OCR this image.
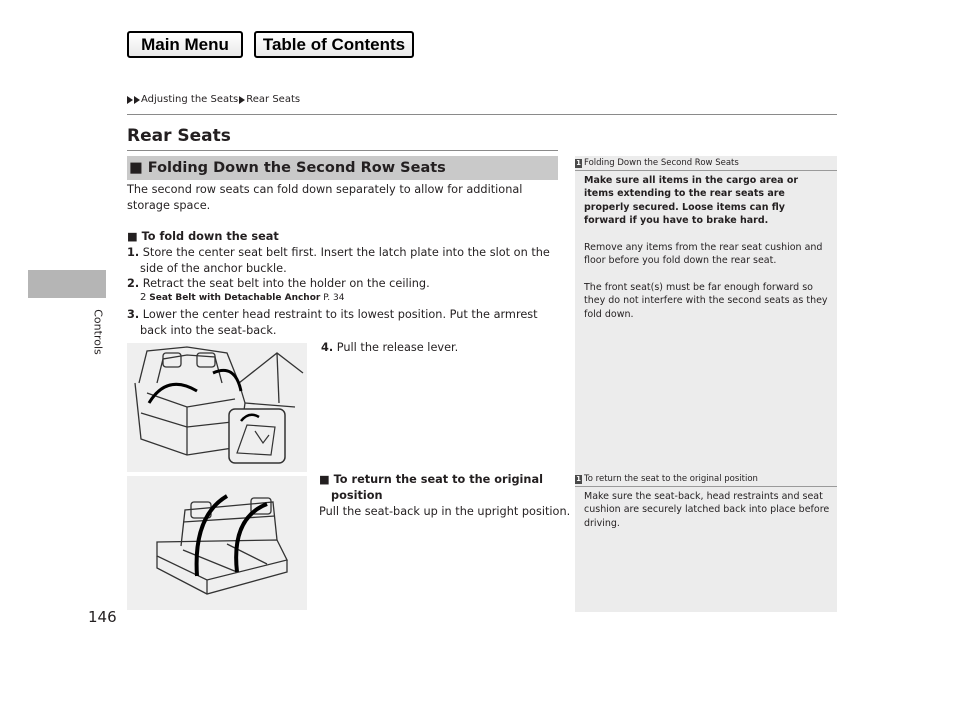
Main Menu	Table of Contents
Adjusting the Seats Rear Seats
Controls
146
Rear Seats
■ Folding Down the Second Row Seats
The second row seats can fold down separately to allow for additional storage space.
■ To fold down the seat
1. Store the center seat belt first. Insert the latch plate into the slot on the side of the anchor buckle.
2. Retract the seat belt into the holder on the ceiling.
2 Seat Belt with Detachable Anchor P. 34
3. Lower the center head restraint to its lowest position. Put the armrest back into the seat-back.
4. Pull the release lever.
■ To return the seat to the original position
Pull the seat-back up in the upright position.
1 Folding Down the Second Row Seats
Make sure all items in the cargo area or items extending to the rear seats are properly secured. Loose items can fly forward if you have to brake hard.
Remove any items from the rear seat cushion and floor before you fold down the rear seat.
The front seat(s) must be far enough forward so they do not interfere with the second seats as they fold down.
1 To return the seat to the original position
Make sure the seat-back, head restraints and seat cushion are securely latched back into place before driving.
